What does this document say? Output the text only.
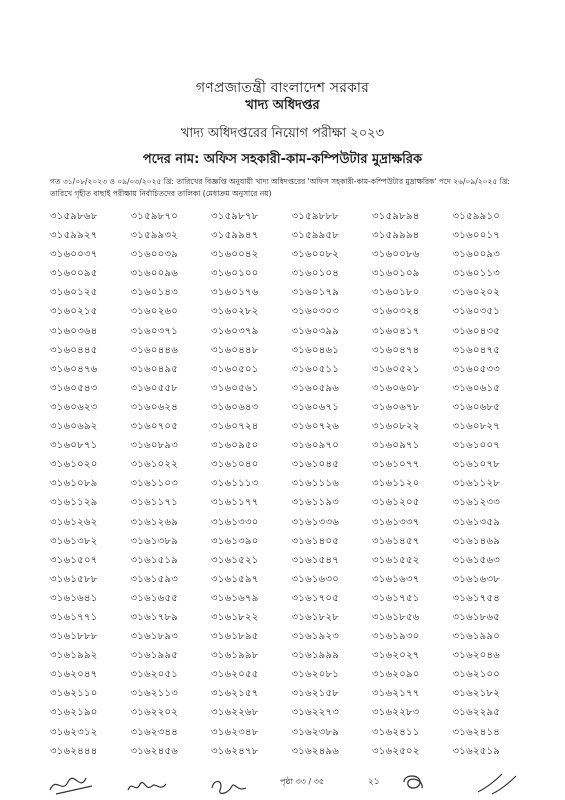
গণপ্রজাতন্ত্রী বাংলাদেশ সরকার
খাদ্য অধিদপ্তর
খাদ্য অধিদপ্তরের নিয়োগ পরীক্ষা ২০২৩
পদের নাম: অফিস সহকারী-কাম-কম্পিউটার মুদ্রাক্ষরিক
গত ৩১/০৮/২০২৩ ও ০৯/০৩/২০২৫ খ্রি: তারিখের বিজ্ঞপ্তি অনুযায়ী খাদ্য অধিদপ্তরের 'অফিস সহকারী-কাম-কম্পিউটার মুদ্রাক্ষরিক' পদে ২৬/০৯/২০২৫ খ্রি: তারিখে গৃহীত বাছাই পরীক্ষায় নির্বাচিতদের তালিকা (মেধাক্রম অনুসারে নয়)
৩১৫৯৮৬৮	৩১৫৯৮৭০	৩১৫৯৮৭৮	৩১৫৯৮৮৮	৩১৫৯৮৯৪	৩১৫৯৯১০
৩১৫৯৯২৭	৩১৫৯৯৩২	৩১৫৯৯৪৭	৩১৫৯৯৫৮	৩১৫৯৯৯৪	৩১৬০০১৭
৩১৬০০৩৭	৩১৬০০৩৯	৩১৬০০৪২	৩১৬০০৮২	৩১৬০০৮৬	৩১৬০০৯৩
৩১৬০০৯৫	৩১৬০০৯৬	৩১৬০১০০	৩১৬০১০৪	৩১৬০১০৯	৩১৬০১১৩
৩১৬০১২৫	৩১৬০১৪৩	৩১৬০১৭৬	৩১৬০১৭৯	৩১৬০১৮০	৩১৬০২০২
৩১৬০২১৫	৩১৬০২৬০	৩১৬০২৮২	৩১৬০৩০৩	৩১৬০৩২৪	৩১৬০৩৫১
৩১৬০৩৬৪	৩১৬০৩৭১	৩১৬০৩৭৯	৩১৬০৩৯৯	৩১৬০৪১৭	৩১৬০৪৩৫
৩১৬০৪৪৫	৩১৬০৪৪৬	৩১৬০৪৪৮	৩১৬০৪৬১	৩১৬০৪৭৪	৩১৬০৪৭৫
৩১৬০৪৭৬	৩১৬০৪৯৫	৩১৬০৫০১	৩১৬০৫১১	৩১৬০৫২১	৩১৬০৫৩৩
৩১৬০৫৪৩	৩১৬০৫৫৮	৩১৬০৫৬১	৩১৬০৫৯৬	৩১৬০৬০৮	৩১৬০৬১৫
৩১৬০৬২৩	৩১৬০৬২৪	৩১৬০৬৪৩	৩১৬০৬৭১	৩১৬০৬৭৮	৩১৬০৬৮৫
৩১৬০৬৯২	৩১৬০৭০৫	৩১৬০৭২৪	৩১৬০৭২৬	৩১৬০৮২২	৩১৬০৮২৭
৩১৬০৮৭১	৩১৬০৮৯৩	৩১৬০৯৫০	৩১৬০৯৭০	৩১৬০৯৭১	৩১৬১০০৭
৩১৬১০২০	৩১৬১০২২	৩১৬১০৪০	৩১৬১০৪৫	৩১৬১০৭৭	৩১৬১০৭৮
৩১৬১০৮৯	৩১৬১১০৩	৩১৬১১১৩	৩১৬১১১৬	৩১৬১১২০	৩১৬১১২৮
৩১৬১১২৯	৩১৬১১৭১	৩১৬১১৭৭	৩১৬১১৯৩	৩১৬১২০৫	৩১৬১২৩৩
৩১৬১২৬২	৩১৬১২৬৯	৩১৬১৩৩০	৩১৬১৩৩৬	৩১৬১৩৩৭	৩১৬১৩৫৯
৩১৬১৩৮২	৩১৬১৩৮৯	৩১৬১৩৯০	৩১৬১৪০৫	৩১৬১৪৫৭	৩১৬১৪৬৯
৩১৬১৫০৭	৩১৬১৫১৯	৩১৬১৫২১	৩১৬১৫৪৭	৩১৬১৫৫২	৩১৬১৫৬৩
৩১৬১৫৮৮	৩১৬১৫৯৩	৩১৬১৫৯৭	৩১৬১৬৩০	৩১৬১৬৩৭	৩১৬১৬৩৮
৩১৬১৬৪১	৩১৬১৬৫৫	৩১৬১৬৭৯	৩১৬১৭০৫	৩১৬১৭৫১	৩১৬১৭৫৪
৩১৬১৭৭১	৩১৬১৭৮৯	৩১৬১৮২২	৩১৬১৮২৮	৩১৬১৮৫৬	৩১৬১৮৬৫
৩১৬১৮৮৮	৩১৬১৮৯৩	৩১৬১৮৯৫	৩১৬১৯২৩	৩১৬১৯৩০	৩১৬১৯৯০
৩১৬১৯৯২	৩১৬১৯৯৫	৩১৬১৯৯৮	৩১৬১৯৯৯	৩১৬২০২৭	৩১৬২০৪৬
৩১৬২০৪৭	৩১৬২০৫১	৩১৬২০৫৫	৩১৬২০৮১	৩১৬২০৯০	৩১৬২১০০
৩১৬২১১০	৩১৬২১১৩	৩১৬২১৫৭	৩১৬২১৫৮	৩১৬২১৭৭	৩১৬২১৮২
৩১৬২১৯০	৩১৬২২০২	৩১৬২২৬৮	৩১৬২২৭৩	৩১৬২২৮৩	৩১৬২২৯৫
৩১৬২৩১২	৩১৬২৩৪৪	৩১৬২৩৪৮	৩১৬২৩৮৯	৩১৬২৪১১	৩১৬২৪১৪
৩১৬২৪৪৪	৩১৬২৪৫৬	৩১৬২৪৭৮	৩১৬২৪৯৬	৩১৬২৫০২	৩১৬২৫১৯
পৃষ্ঠা ৩৩ / ৩৫	২১
